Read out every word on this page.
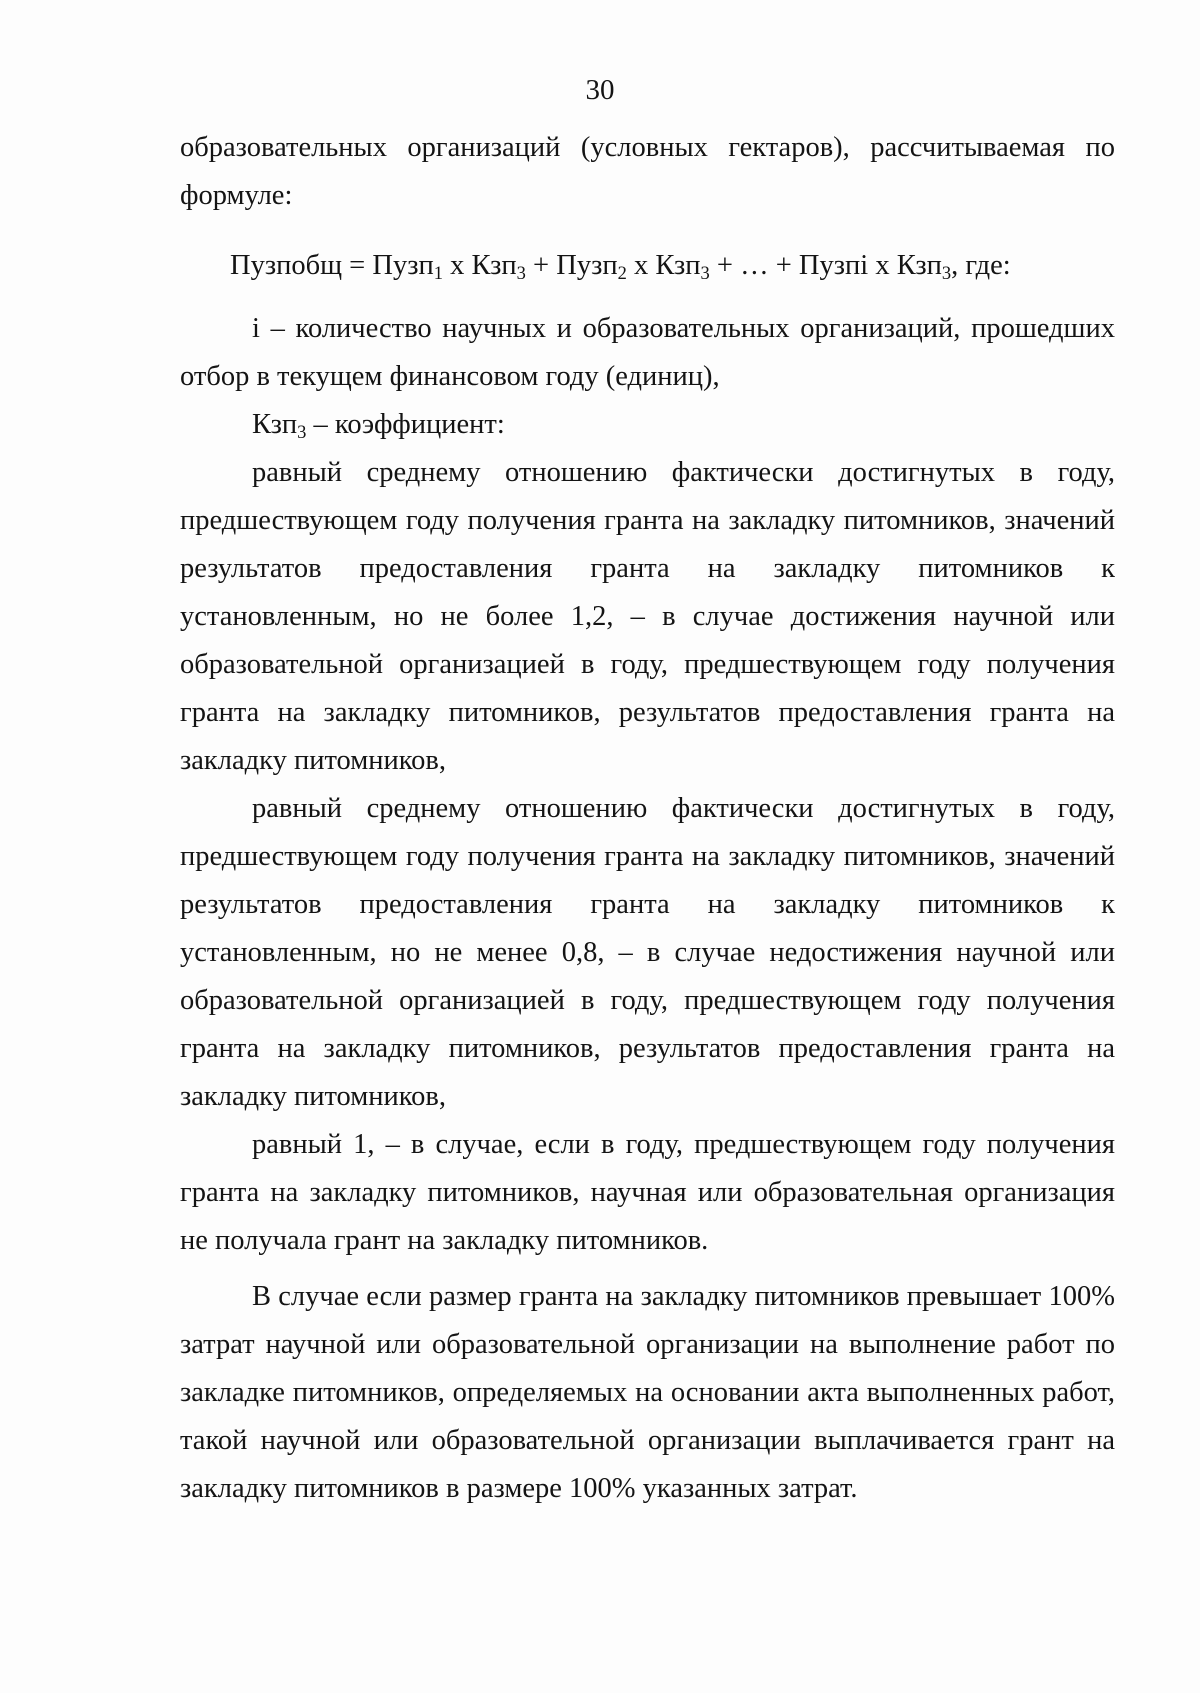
30

образовательных организаций (условных гектаров), рассчитываемая по формуле:

Пузпобщ = Пузп$_1$ х Кзп$_3$ + Пузп$_2$ х Кзп$_3$ + … + Пузпi х Кзп$_3$, где:

i – количество научных и образовательных организаций, прошедших отбор в текущем финансовом году (единиц),

Кзп$_3$ – коэффициент:

равный среднему отношению фактически достигнутых в году, предшествующем году получения гранта на закладку питомников, значений результатов предоставления гранта на закладку питомников к установленным, но не более 1,2, – в случае достижения научной или образовательной организацией в году, предшествующем году получения гранта на закладку питомников, результатов предоставления гранта на закладку питомников,

равный среднему отношению фактически достигнутых в году, предшествующем году получения гранта на закладку питомников, значений результатов предоставления гранта на закладку питомников к установленным, но не менее 0,8, – в случае недостижения научной или образовательной организацией в году, предшествующем году получения гранта на закладку питомников, результатов предоставления гранта на закладку питомников,

равный 1, – в случае, если в году, предшествующем году получения гранта на закладку питомников, научная или образовательная организация не получала грант на закладку питомников.

В случае если размер гранта на закладку питомников превышает 100% затрат научной или образовательной организации на выполнение работ по закладке питомников, определяемых на основании акта выполненных работ, такой научной или образовательной организации выплачивается грант на закладку питомников в размере 100% указанных затрат.
